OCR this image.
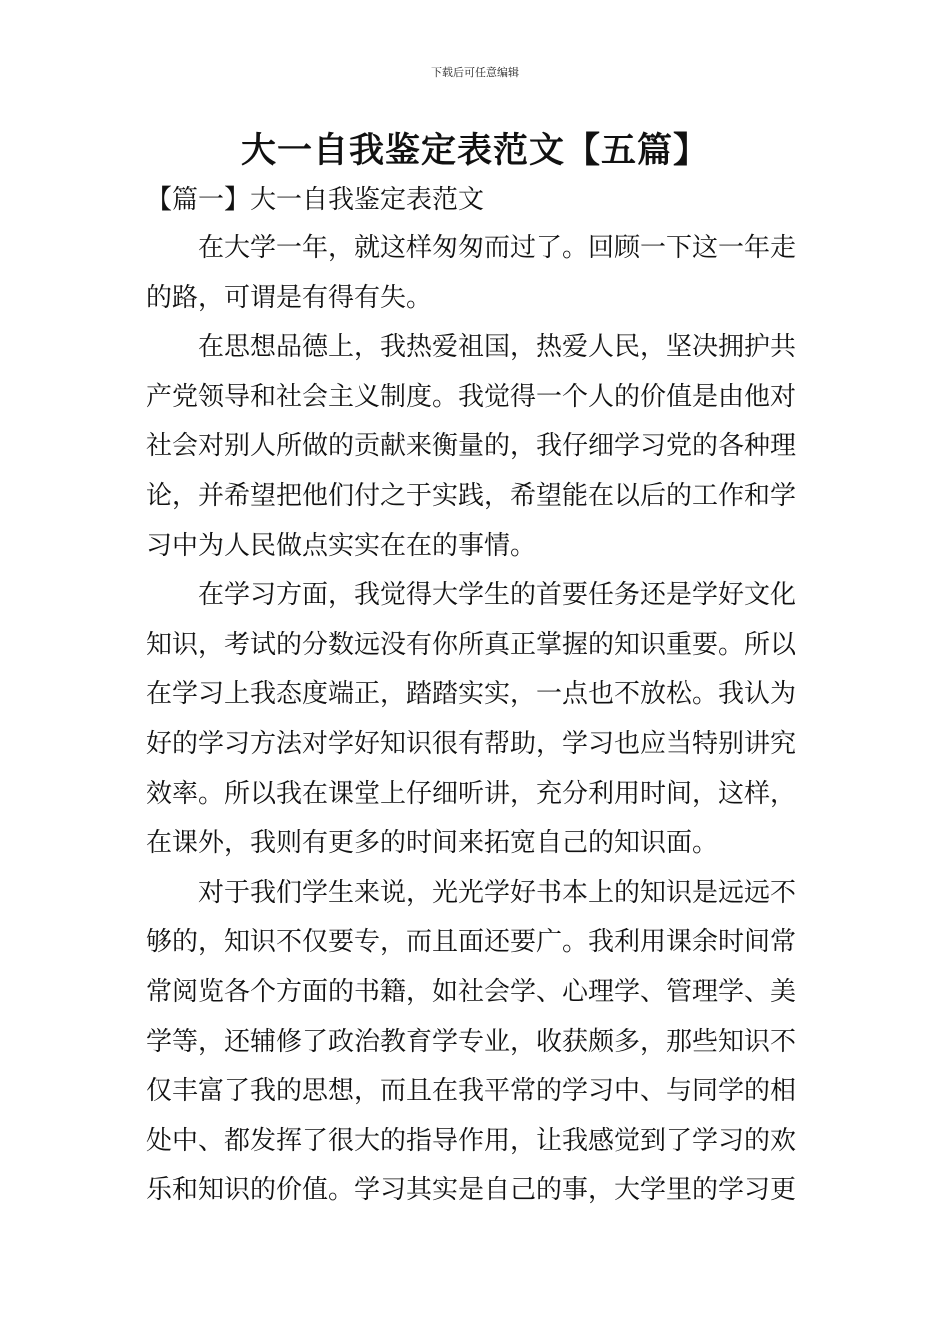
下载后可任意编辑
大一自我鉴定表范文【五篇】
【篇一】大一自我鉴定表范文

在大学一年，就这样匆匆而过了。回顾一下这一年走
的路，可谓是有得有失。

在思想品德上，我热爱祖国，热爱人民，坚决拥护共
产党领导和社会主义制度。我觉得一个人的价值是由他对
社会对别人所做的贡献来衡量的，我仔细学习党的各种理
论，并希望把他们付之于实践，希望能在以后的工作和学
习中为人民做点实实在在的事情。

在学习方面，我觉得大学生的首要任务还是学好文化
知识，考试的分数远没有你所真正掌握的知识重要。所以
在学习上我态度端正，踏踏实实，一点也不放松。我认为
好的学习方法对学好知识很有帮助，学习也应当特别讲究
效率。所以我在课堂上仔细听讲，充分利用时间，这样，
在课外，我则有更多的时间来拓宽自己的知识面。

对于我们学生来说，光光学好书本上的知识是远远不
够的，知识不仅要专，而且面还要广。我利用课余时间常
常阅览各个方面的书籍，如社会学、心理学、管理学、美
学等，还辅修了政治教育学专业，收获颇多，那些知识不
仅丰富了我的思想，而且在我平常的学习中、与同学的相
处中、都发挥了很大的指导作用，让我感觉到了学习的欢
乐和知识的价值。学习其实是自己的事，大学里的学习更
